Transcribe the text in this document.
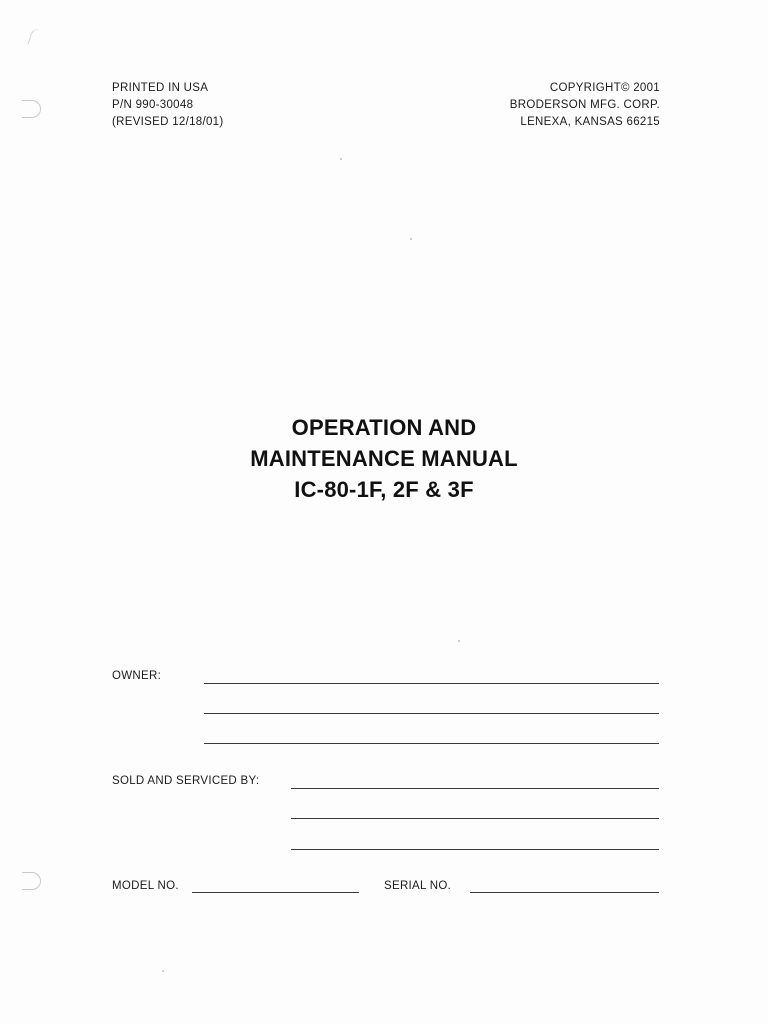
PRINTED IN USA
P/N 990-30048
(REVISED 12/18/01)
COPYRIGHT© 2001
BRODERSON MFG. CORP.
LENEXA, KANSAS 66215
OPERATION AND
MAINTENANCE MANUAL
IC-80-1F, 2F & 3F
OWNER:
SOLD AND SERVICED BY:
MODEL NO.	SERIAL NO.
